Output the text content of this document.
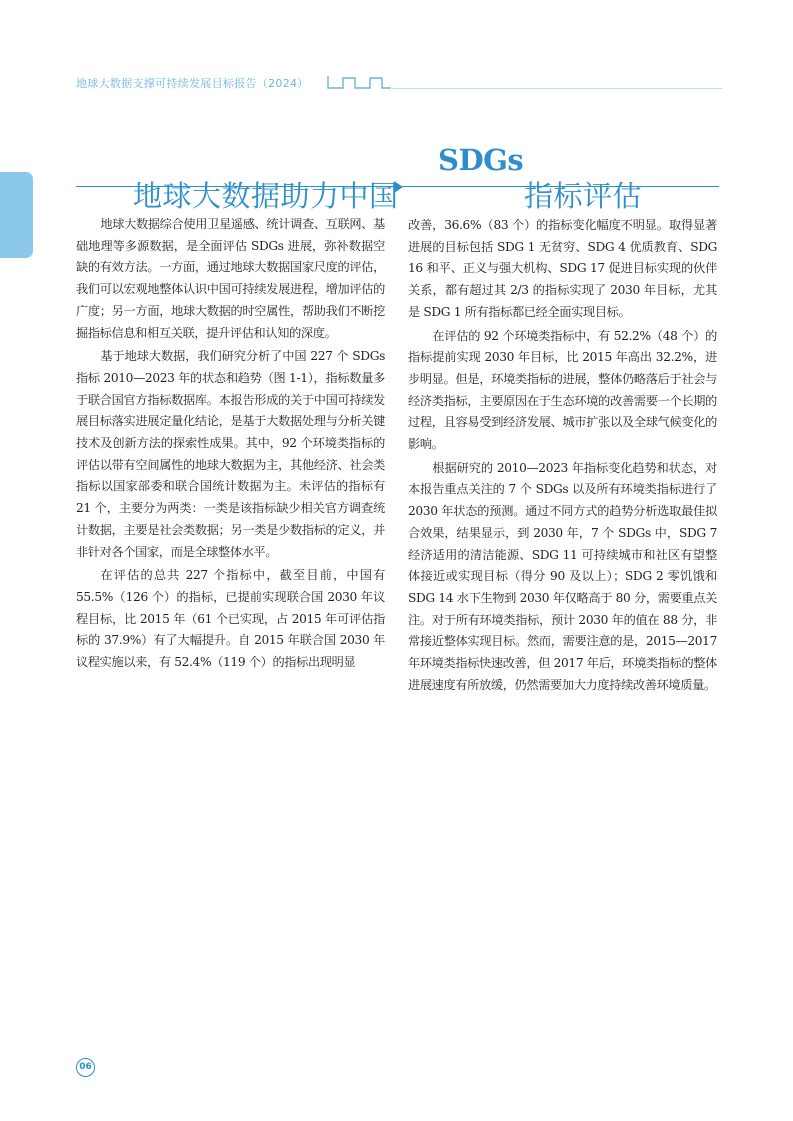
地球大数据支撑可持续发展目标报告（2024）
SDGs
地球大数据助力中国	指标评估

地球大数据综合使用卫星遥感、统计调查、互联网、基础地理等多源数据，是全面评估 SDGs 进展，弥补数据空缺的有效方法。一方面，通过地球大数据国家尺度的评估，我们可以宏观地整体认识中国可持续发展进程，增加评估的广度；另一方面，地球大数据的时空属性，帮助我们不断挖掘指标信息和相互关联，提升评估和认知的深度。

基于地球大数据，我们研究分析了中国 227 个 SDGs 指标 2010—2023 年的状态和趋势（图 1-1），指标数量多于联合国官方指标数据库。本报告形成的关于中国可持续发展目标落实进展定量化结论，是基于大数据处理与分析关键技术及创新方法的探索性成果。其中，92 个环境类指标的评估以带有空间属性的地球大数据为主，其他经济、社会类指标以国家部委和联合国统计数据为主。未评估的指标有 21 个，主要分为两类：一类是该指标缺少相关官方调查统计数据，主要是社会类数据；另一类是少数指标的定义，并非针对各个国家，而是全球整体水平。

在评估的总共 227 个指标中，截至目前，中国有 55.5%（126 个）的指标，已提前实现联合国 2030 年议程目标，比 2015 年（61 个已实现，占 2015 年可评估指标的 37.9%）有了大幅提升。自 2015 年联合国 2030 年议程实施以来，有 52.4%（119 个）的指标出现明显

改善，36.6%（83 个）的指标变化幅度不明显。取得显著进展的目标包括 SDG 1 无贫穷、SDG 4 优质教育、SDG 16 和平、正义与强大机构、SDG 17 促进目标实现的伙伴关系，都有超过其 2/3 的指标实现了 2030 年目标，尤其是 SDG 1 所有指标都已经全面实现目标。

在评估的 92 个环境类指标中，有 52.2%（48 个）的指标提前实现 2030 年目标，比 2015 年高出 32.2%，进步明显。但是，环境类指标的进展，整体仍略落后于社会与经济类指标，主要原因在于生态环境的改善需要一个长期的过程，且容易受到经济发展、城市扩张以及全球气候变化的影响。

根据研究的 2010—2023 年指标变化趋势和状态，对本报告重点关注的 7 个 SDGs 以及所有环境类指标进行了 2030 年状态的预测。通过不同方式的趋势分析选取最佳拟合效果，结果显示，到 2030 年，7 个 SDGs 中，SDG 7 经济适用的清洁能源、SDG 11 可持续城市和社区有望整体接近或实现目标（得分 90 及以上）；SDG 2 零饥饿和 SDG 14 水下生物到 2030 年仅略高于 80 分，需要重点关注。对于所有环境类指标，预计 2030 年的值在 88 分，非常接近整体实现目标。然而，需要注意的是，2015—2017 年环境类指标快速改善，但 2017 年后，环境类指标的整体进展速度有所放缓，仍然需要加大力度持续改善环境质量。

06
